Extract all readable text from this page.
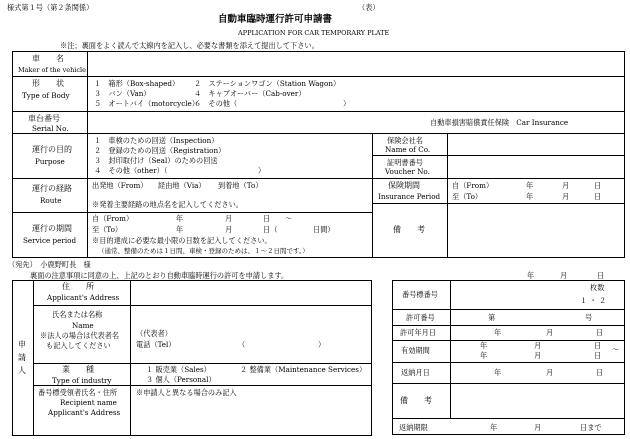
様式第１号（第２条関係）	（表）
自動車臨時運行許可申請書
APPLICATION FOR CAR TEMPORARY PLATE
※注；裏面をよく読んで太線内を記入し、必要な書類を添えて提出して下さい。
車　　名
Maker of the vehicle
形　　状
Type of Body
１　箱形（Box-shaped） ２　ステーションワゴン（Station Wagon）
３　バン（Van）	４　キャブオーバー（Cab-over）
５　オートバイ（motorcycle）
６　その他（	）
車台番号
Serial No.
自動車損害賠償責任保険　Car Insurance
運行の目的
Purpose
１　車検のための回送（Inspection）
２　登録のための回送（Registration）
３　封印取付け（Seal）のための回送
４　その他（other）（	）
保険会社名
Name of Co.
証明書番号
Voucher No.
運行の経路
Route
出発地（From） 経由地（Via） 到着地（To）
※発着主要経路の地点名を記入してください。
保険期間
Insurance Period
自（From）	年	月	日
至（To）	年	月	日
運行の期間
Service period
自（From）	年	月	日 ～
至（To）	年	月	日（	日間）
※目的達成に必要な最小限の日数を記入してください。
（通常、整備のためは１日間、車検・登録のためは、１～２日間です。）
備　　考
（宛先）　小鹿野町長　様
裏面の注意事項に同意の上、上記のとおり自動車臨時運行の許可を申請します。	年	月	日
申請人
住　　所
Applicant's Address
氏名または名称
Name
※法人の場合は代表者名
も記入してください
（代表者）
電話（Tel）	（	）
業　　種
Type of industry
１ 販売業（Sales）	２ 整備業（Maintenance Services）
３ 個人（Personal）
番号標受領者氏名・住所
Recipient name
Applicant's Address
※申請人と異なる場合のみ記入
番号標番号
枚数
１ ・ ２
許可番号	第	号
許可年月日	年	月	日
有効期間
年	月	日 ～
年	月	日
返納月日	年	月	日
備　　考
返納期限	年	月	日まで
